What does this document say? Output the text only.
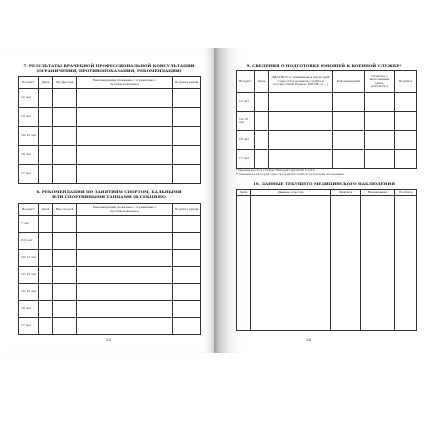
7. РЕЗУЛЬТАТЫ ВРАЧЕБНОЙ ПРОФЕССИОНАЛЬНОЙ КОНСУЛЬТАЦИИ
(ОГРАНИЧЕНИЯ, ПРОТИВОПОКАЗАНИЯ, РЕКОМЕНДАЦИИ)
Возраст	Дата	Профессия	Рекомендации (показано / ограничено / противопоказано)	Подпись врача
12 лет				
13 лет				
14–15 лет				
16 лет				
17 лет				
8. РЕКОМЕНДАЦИИ ПО ЗАНЯТИЯМ СПОРТОМ, БАЛЬНЫМИ
ИЛИ СПОРТИВНЫМИ ТАНЦАМИ (В СЕКЦИЯХ)
Возраст	Дата	Вид спорта	Рекомендации (показано / ограничено / противопоказано)	Подпись врача
7 лет				
8–9 лет				
10–11 лет				
12–13 лет				
14–15 лет				
16 лет				
17 лет				
25
9. СВЕДЕНИЯ О ПОДГОТОВКЕ ЮНОШЕЙ К ВОЕННОЙ СЛУЖБЕ*
Возраст	Дата	ДИАГНОЗ (с указанием и категории годности к военной службе в соответствии Приказ МО РФ от ...)	Рекомендации	Отметка о выполнении (дата, результат)	Подпись
12 лет					
14–15 лет					
16 лет					
17 лет					
* Сведения вносятся в Приказ Минздравсоцразвития № 240 н.
** Указывается категория годности к военной службе по результатам обследования.
10. ДАННЫЕ ТЕКУЩЕГО МЕДИЦИНСКОГО НАБЛЮДЕНИЯ
Дата	Данные осмотра	Диагноз	Назначения	Подпись

26
